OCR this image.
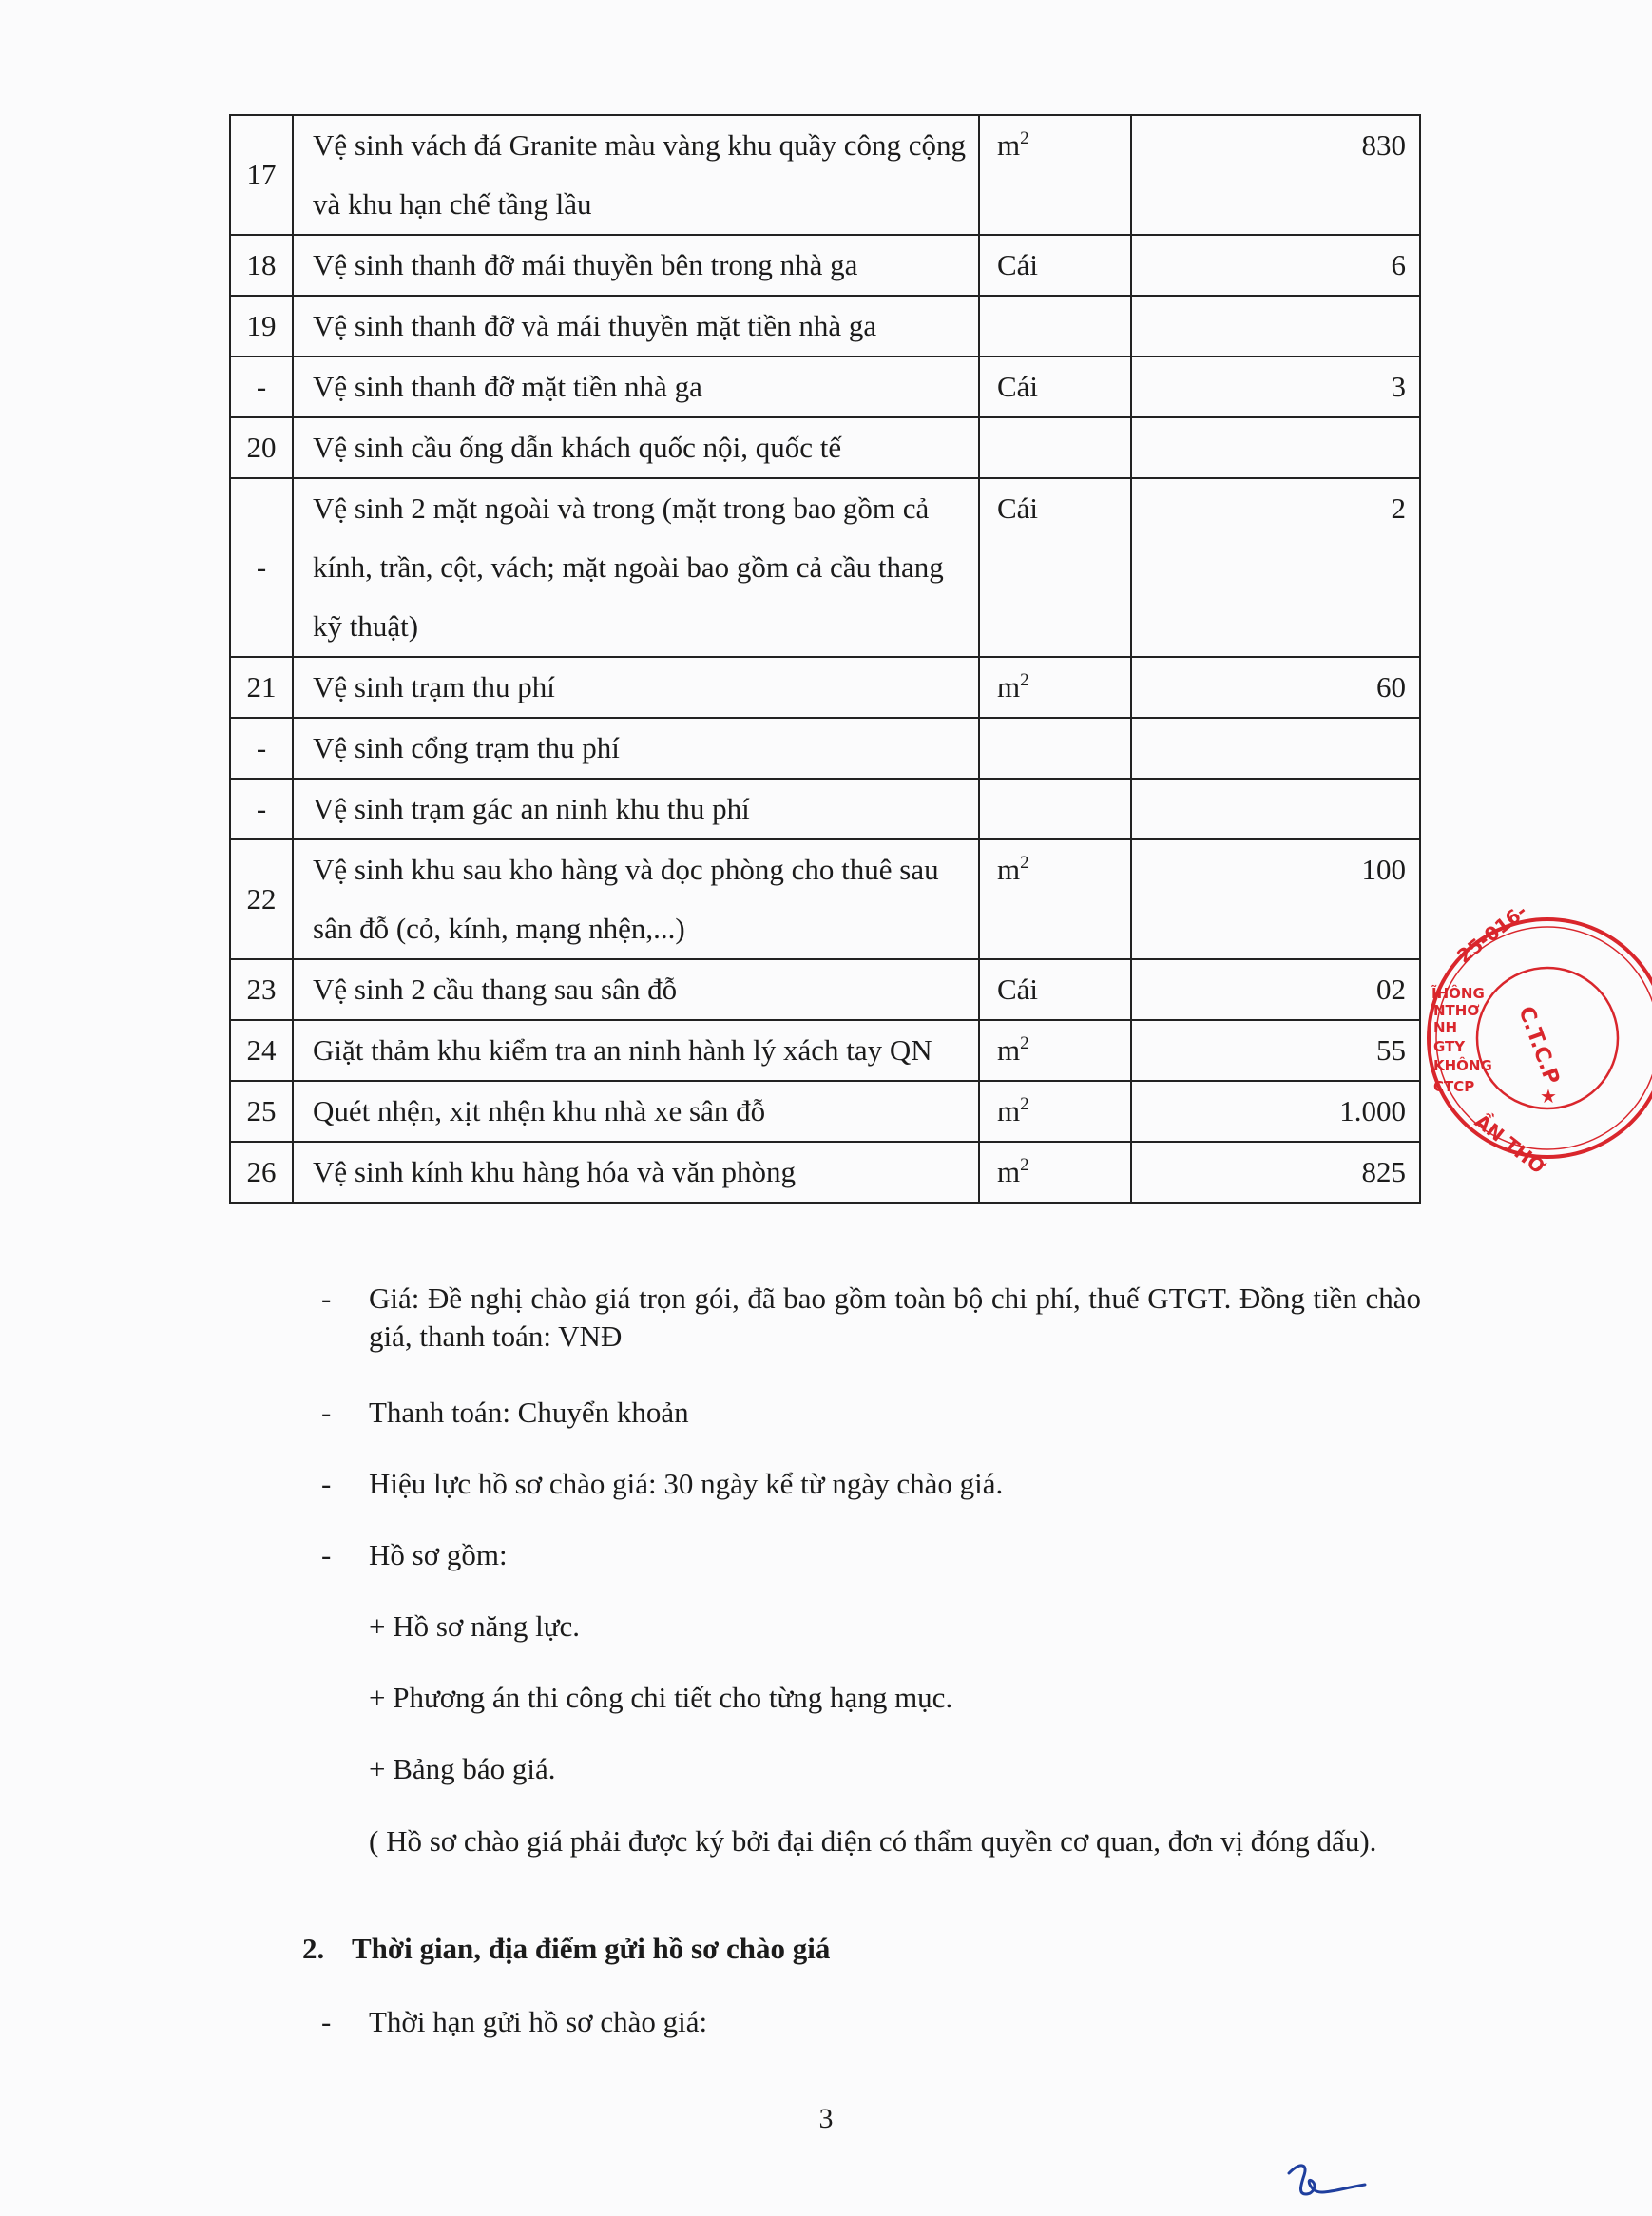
17	Vệ sinh vách đá Granite màu vàng khu quầy công cộng và khu hạn chế tầng lầu	$m^2$	830
18	Vệ sinh thanh đỡ mái thuyền bên trong nhà ga	Cái	6
19	Vệ sinh thanh đỡ và mái thuyền mặt tiền nhà ga		
-	Vệ sinh thanh đỡ mặt tiền nhà ga	Cái	3
20	Vệ sinh cầu ống dẫn khách quốc nội, quốc tế		
-	Vệ sinh 2 mặt ngoài và trong (mặt trong bao gồm cả kính, trần, cột, vách; mặt ngoài bao gồm cả cầu thang kỹ thuật)	Cái	2
21	Vệ sinh trạm thu phí	$m^2$	60
-	Vệ sinh cổng trạm thu phí		
-	Vệ sinh trạm gác an ninh khu thu phí		
22	Vệ sinh khu sau kho hàng và dọc phòng cho thuê sau sân đỗ (cỏ, kính, mạng nhện,...)	$m^2$	100
23	Vệ sinh 2 cầu thang sau sân đỗ	Cái	02
24	Giặt thảm khu kiểm tra an ninh hành lý xách tay QN	$m^2$	55
25	Quét nhện, xịt nhện khu nhà xe sân đỗ	$m^2$	1.000
26	Vệ sinh kính khu hàng hóa và văn phòng	$m^2$	825
- Giá: Đề nghị chào giá trọn gói, đã bao gồm toàn bộ chi phí, thuế GTGT. Đồng tiền chào giá, thanh toán: VNĐ
- Thanh toán: Chuyển khoản
- Hiệu lực hồ sơ chào giá: 30 ngày kể từ ngày chào giá.
- Hồ sơ gồm:
+ Hồ sơ năng lực.
+ Phương án thi công chi tiết cho từng hạng mục.
+ Bảng báo giá.
( Hồ sơ chào giá phải được ký bởi đại diện có thẩm quyền cơ quan, đơn vị đóng dấu).
2. Thời gian, địa điểm gửi hồ sơ chào giá
- Thời hạn gửi hồ sơ chào giá:
3
25-016-
C.T.C.P
★
ẦN THƠ
ĨHÔNG
NTHƠ
NH
GTY
KHÔNG
CTCP
